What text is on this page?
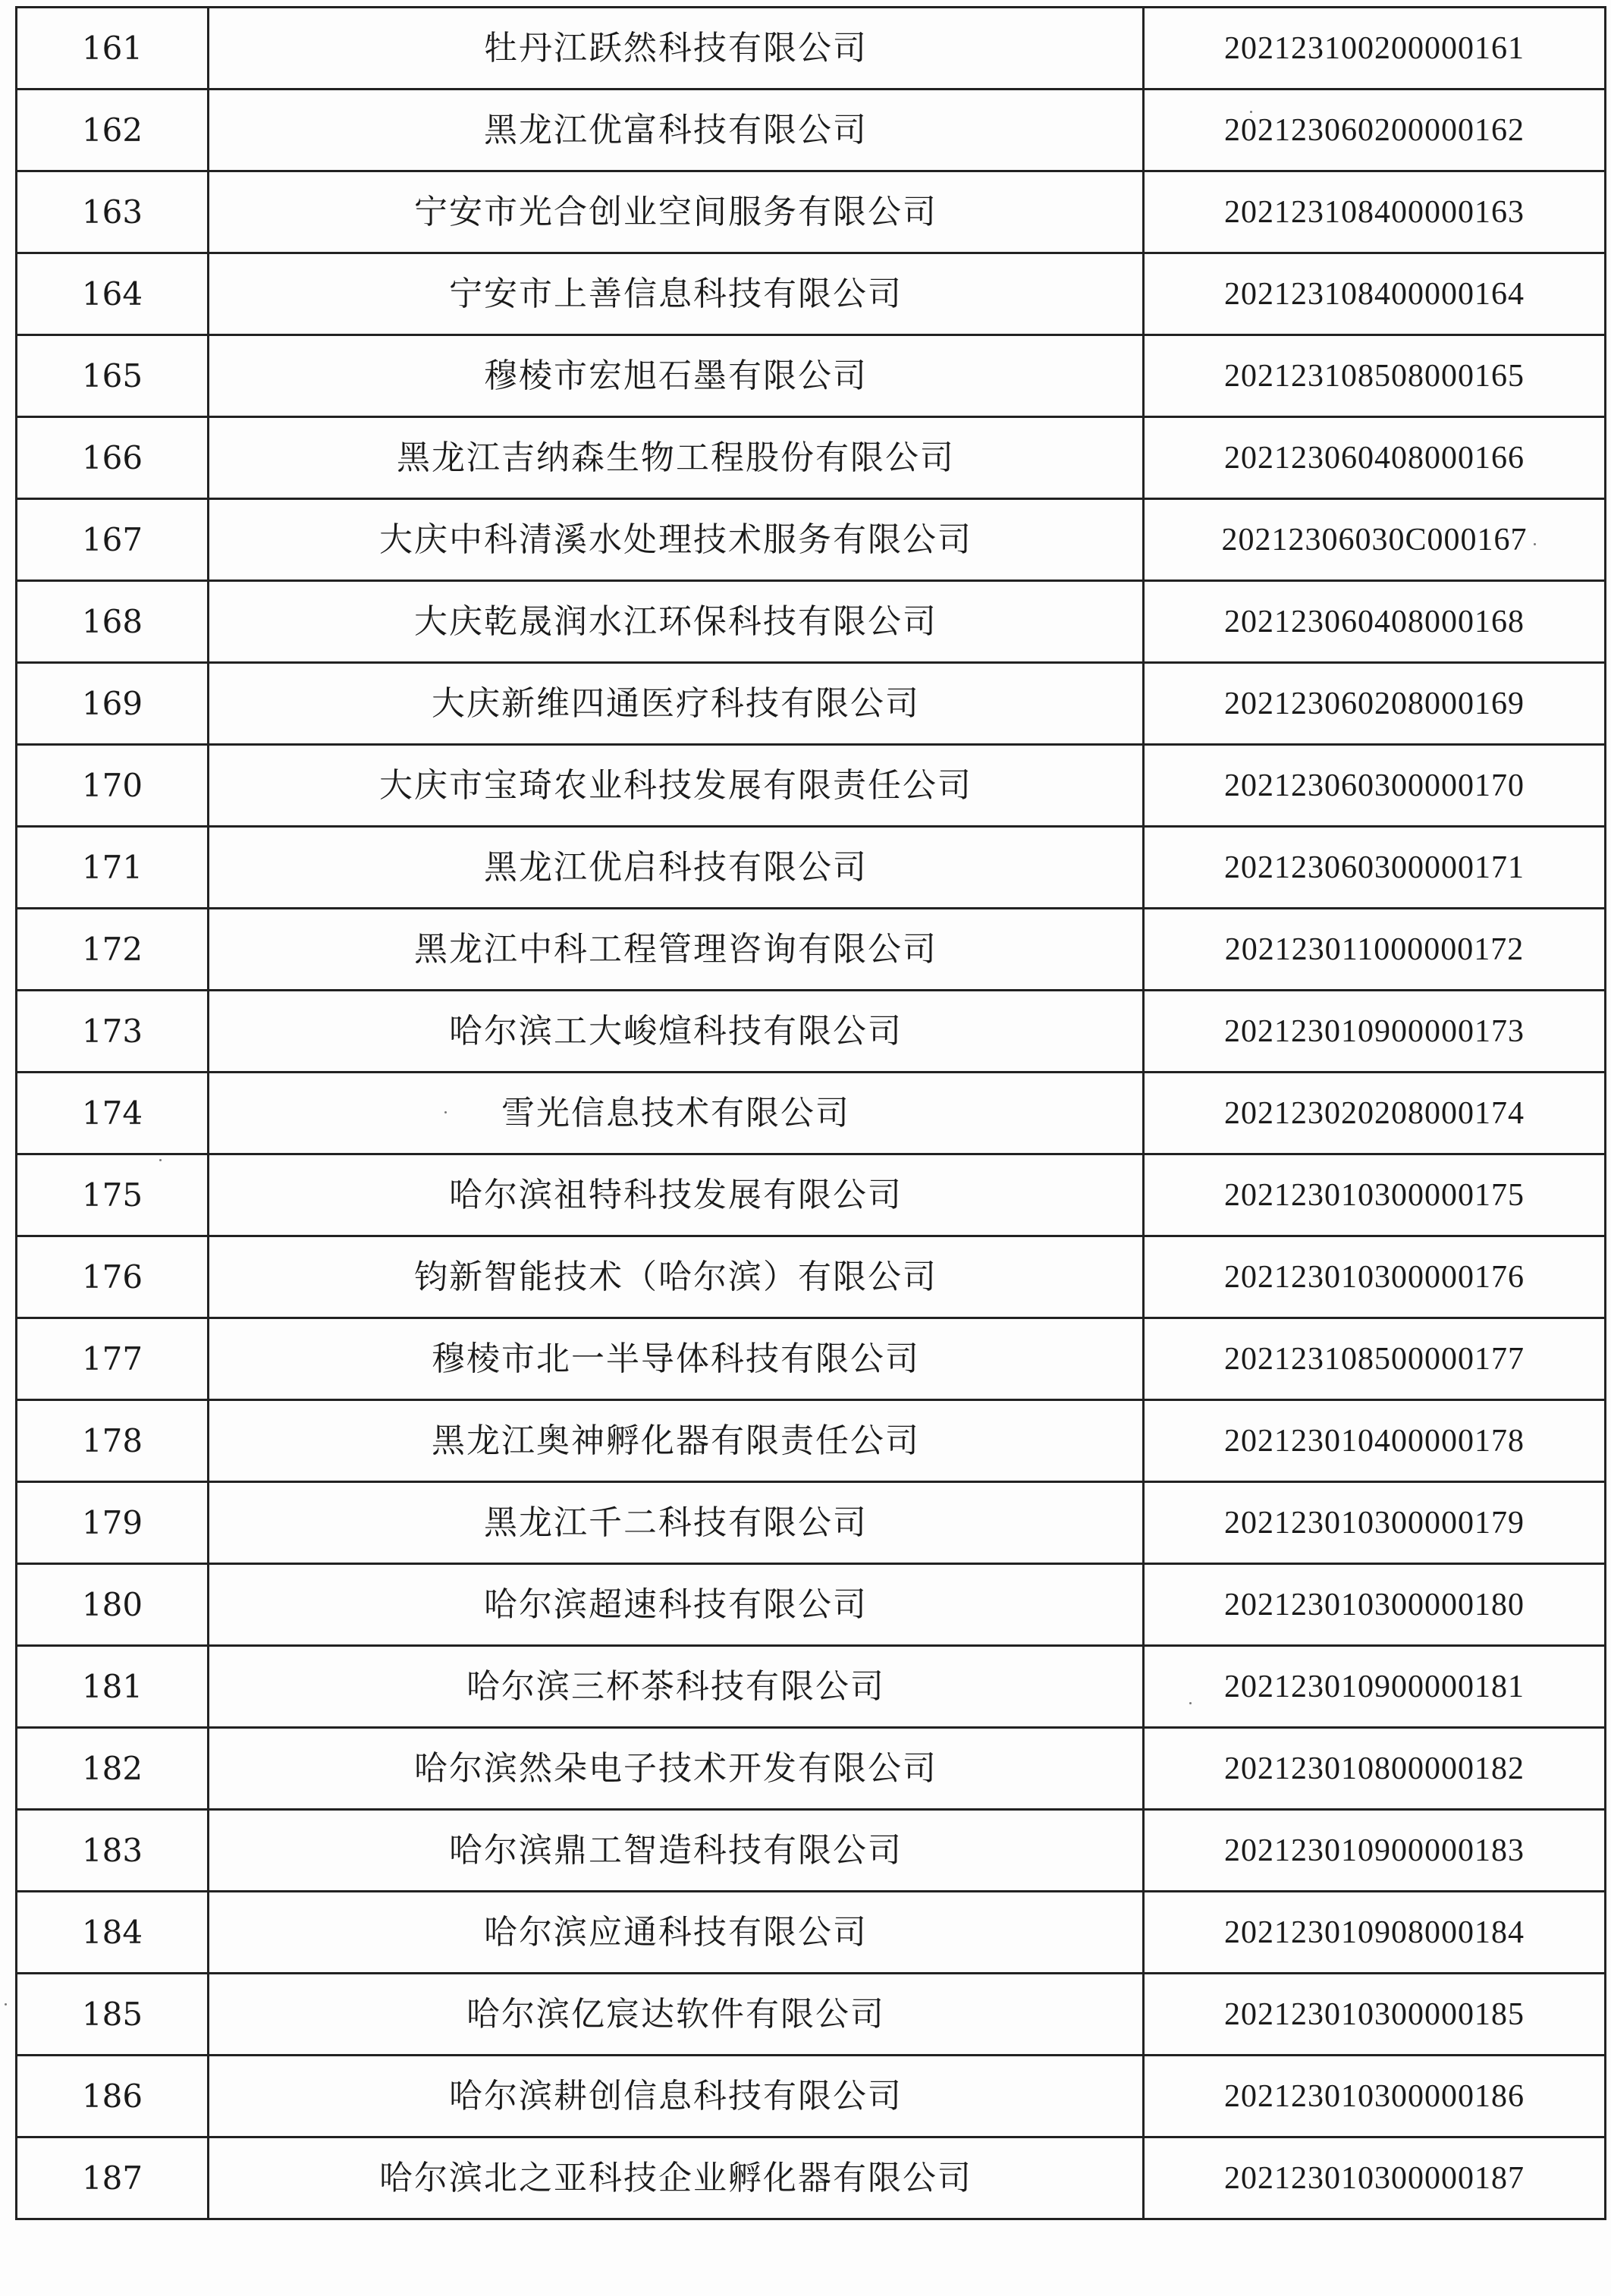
161	牡丹江跃然科技有限公司	202123100200000161
162	黑龙江优富科技有限公司	202123060200000162
163	宁安市光合创业空间服务有限公司	202123108400000163
164	宁安市上善信息科技有限公司	202123108400000164
165	穆棱市宏旭石墨有限公司	202123108508000165
166	黑龙江吉纳森生物工程股份有限公司	202123060408000166
167	大庆中科清溪水处理技术服务有限公司	20212306030C000167
168	大庆乾晟润水江环保科技有限公司	202123060408000168
169	大庆新维四通医疗科技有限公司	202123060208000169
170	大庆市宝琦农业科技发展有限责任公司	202123060300000170
171	黑龙江优启科技有限公司	202123060300000171
172	黑龙江中科工程管理咨询有限公司	202123011000000172
173	哈尔滨工大峻煊科技有限公司	202123010900000173
174	雪光信息技术有限公司	202123020208000174
175	哈尔滨祖特科技发展有限公司	202123010300000175
176	钧新智能技术（哈尔滨）有限公司	202123010300000176
177	穆棱市北一半导体科技有限公司	202123108500000177
178	黑龙江奥神孵化器有限责任公司	202123010400000178
179	黑龙江千二科技有限公司	202123010300000179
180	哈尔滨超速科技有限公司	202123010300000180
181	哈尔滨三杯茶科技有限公司	202123010900000181
182	哈尔滨然朵电子技术开发有限公司	202123010800000182
183	哈尔滨鼎工智造科技有限公司	202123010900000183
184	哈尔滨应通科技有限公司	202123010908000184
185	哈尔滨亿宸达软件有限公司	202123010300000185
186	哈尔滨耕创信息科技有限公司	202123010300000186
187	哈尔滨北之亚科技企业孵化器有限公司	202123010300000187
